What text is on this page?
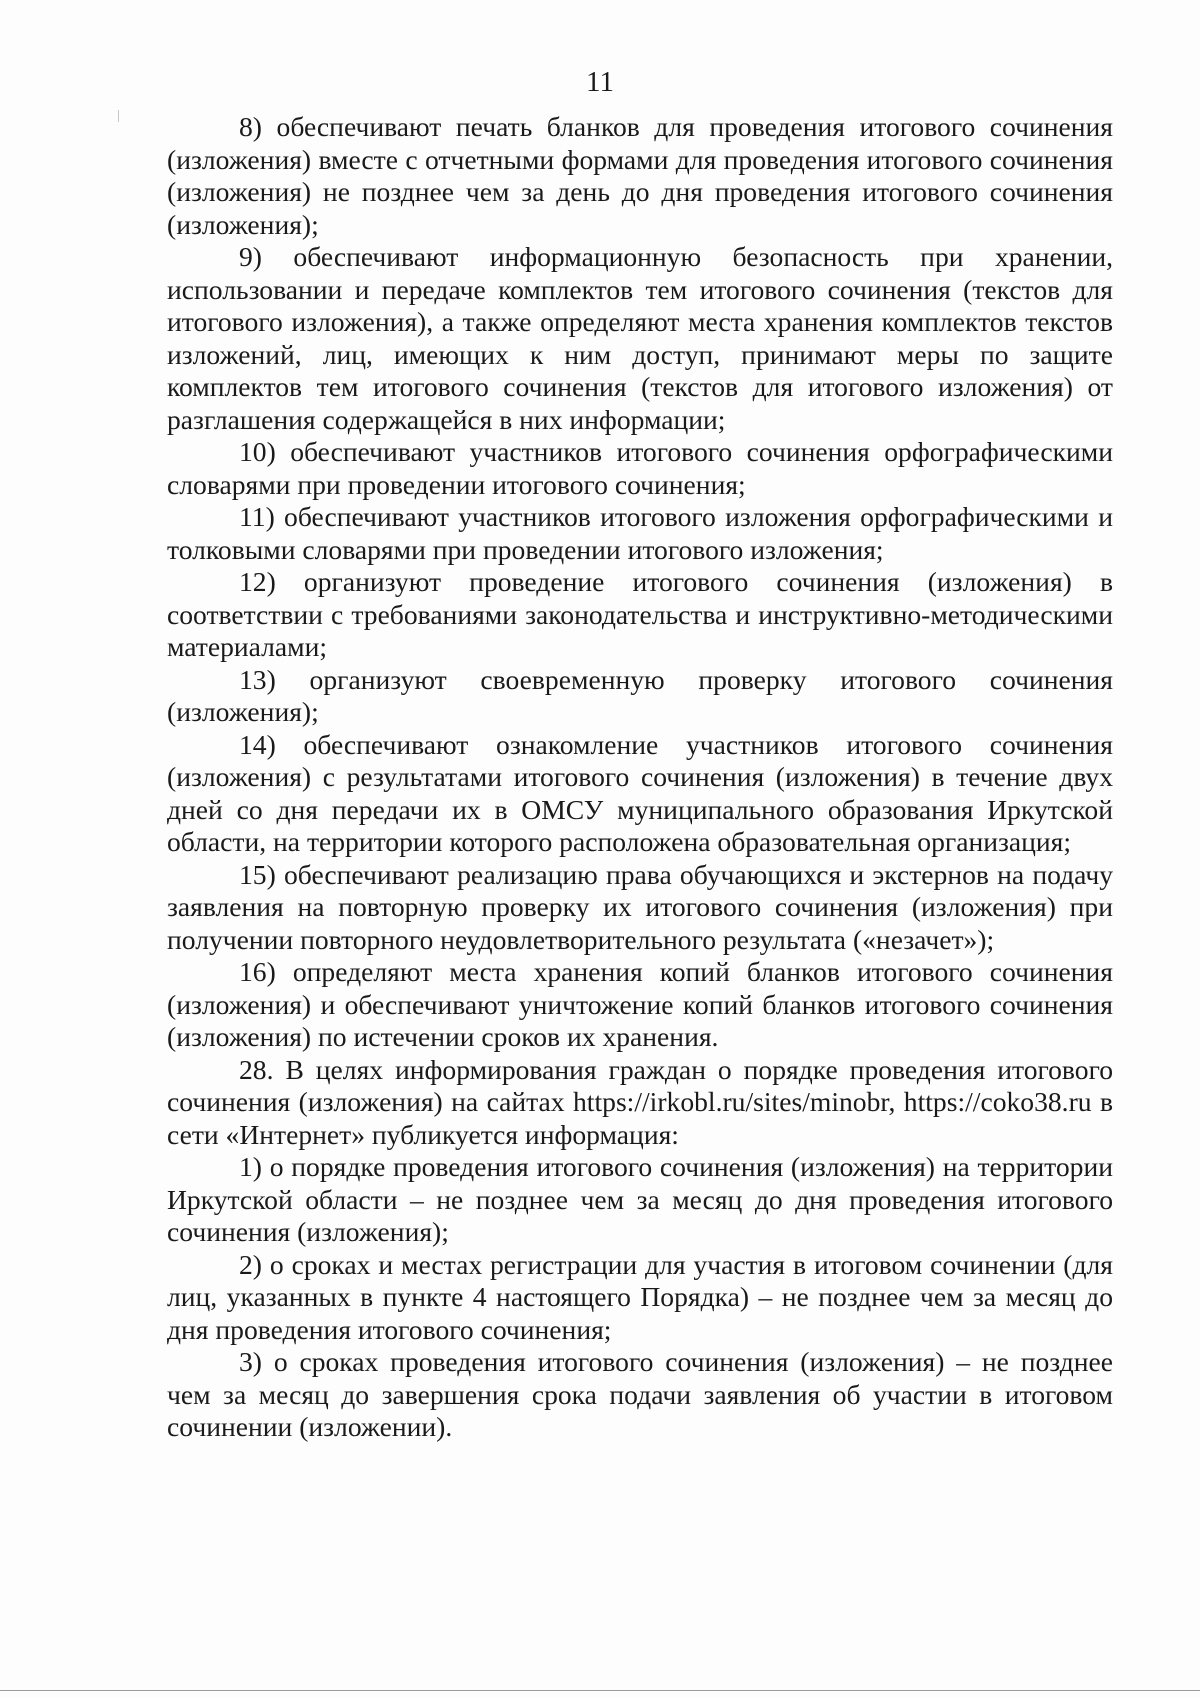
11

8) обеспечивают печать бланков для проведения итогового сочинения (изложения) вместе с отчетными формами для проведения итогового сочинения (изложения) не позднее чем за день до дня проведения итогового сочинения (изложения);

9) обеспечивают информационную безопасность при хранении, использовании и передаче комплектов тем итогового сочинения (текстов для итогового изложения), а также определяют места хранения комплектов текстов изложений, лиц, имеющих к ним доступ, принимают меры по защите комплектов тем итогового сочинения (текстов для итогового изложения) от разглашения содержащейся в них информации;

10) обеспечивают участников итогового сочинения орфографическими словарями при проведении итогового сочинения;

11) обеспечивают участников итогового изложения орфографическими и толковыми словарями при проведении итогового изложения;

12) организуют проведение итогового сочинения (изложения) в соответствии с требованиями законодательства и инструктивно-методическими материалами;

13) организуют своевременную проверку итогового сочинения (изложения);

14) обеспечивают ознакомление участников итогового сочинения (изложения) с результатами итогового сочинения (изложения) в течение двух дней со дня передачи их в ОМСУ муниципального образования Иркутской области, на территории которого расположена образовательная организация;

15) обеспечивают реализацию права обучающихся и экстернов на подачу заявления на повторную проверку их итогового сочинения (изложения) при получении повторного неудовлетворительного результата («незачет»);

16) определяют места хранения копий бланков итогового сочинения (изложения) и обеспечивают уничтожение копий бланков итогового сочинения (изложения) по истечении сроков их хранения.

28. В целях информирования граждан о порядке проведения итогового сочинения (изложения) на сайтах https://irkobl.ru/sites/minobr, https://coko38.ru в сети «Интернет» публикуется информация:

1) о порядке проведения итогового сочинения (изложения) на территории Иркутской области – не позднее чем за месяц до дня проведения итогового сочинения (изложения);

2) о сроках и местах регистрации для участия в итоговом сочинении (для лиц, указанных в пункте 4 настоящего Порядка) – не позднее чем за месяц до дня проведения итогового сочинения;

3) о сроках проведения итогового сочинения (изложения) – не позднее чем за месяц до завершения срока подачи заявления об участии в итоговом сочинении (изложении).
